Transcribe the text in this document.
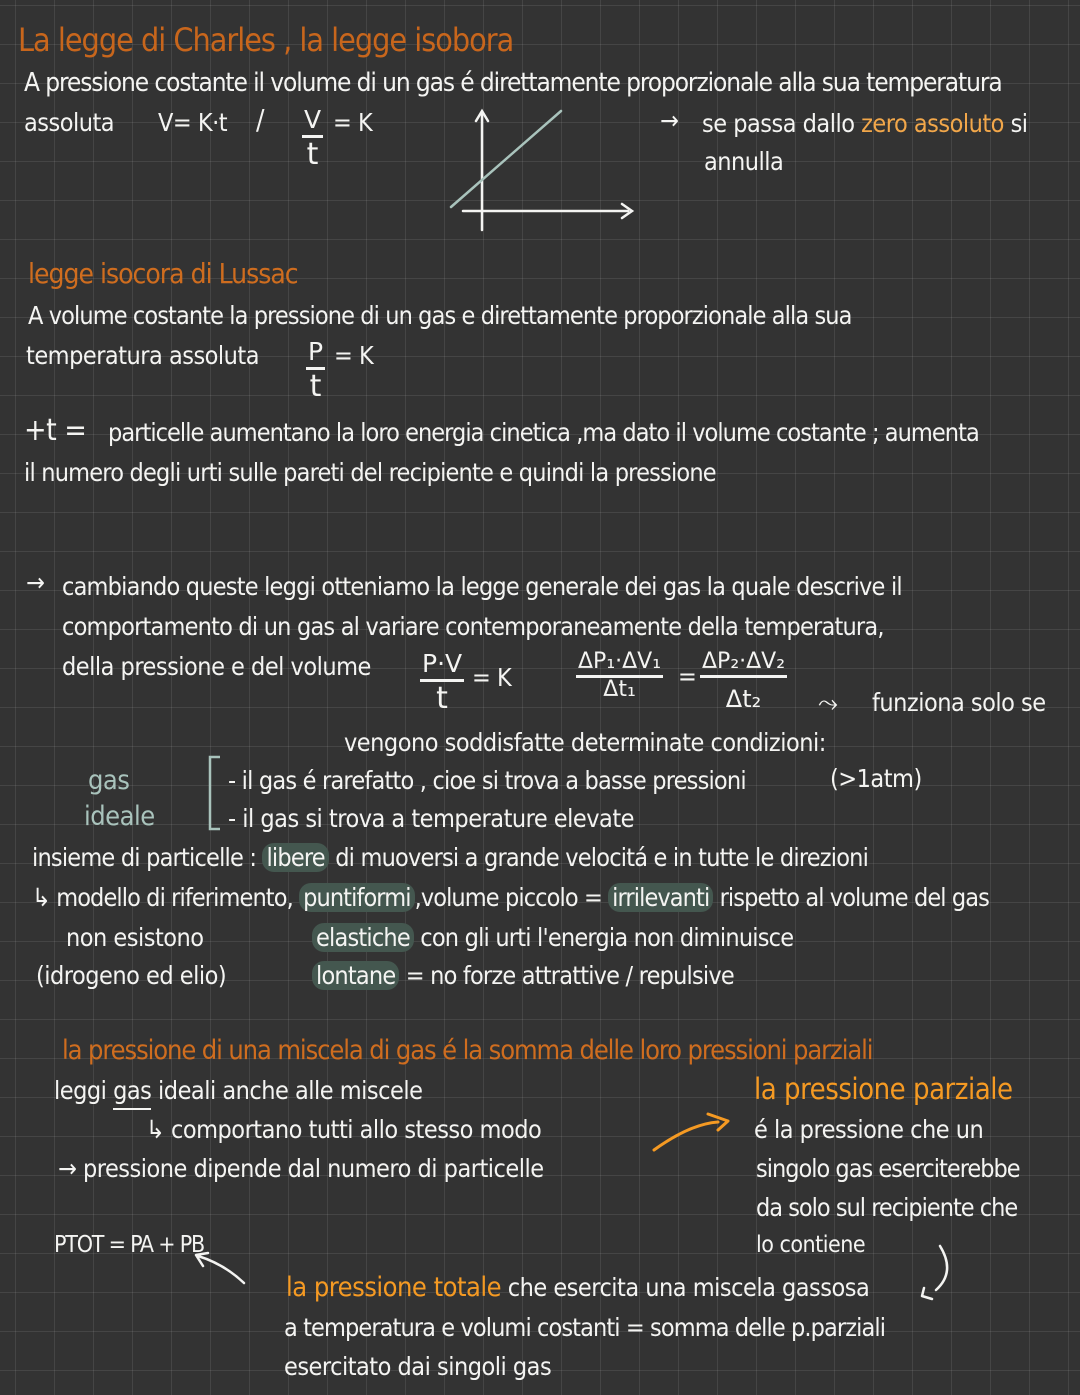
La legge di Charles , la legge isobora
A pressione costante il volume di un gas é direttamente proporzionale alla sua temperatura
assoluta V= K·t / V
t
= K	→ se passa dallo zero assoluto si
annulla
legge isocora di Lussac
A volume costante la pressione di un gas e direttamente proporzionale alla sua
temperatura assoluta P
t
= K
+t = particelle aumentano la loro energia cinetica ,ma dato il volume costante ; aumenta
il numero degli urti sulle pareti del recipiente e quindi la pressione
→ cambiando queste leggi otteniamo la legge generale dei gas la quale descrive il
comportamento di un gas al variare contemporaneamente della temperatura,
della pressione e del volume P·V
t
= K	$\frac{\text{ΔP₁·ΔV₁}}{\text{Δt₁}} = \frac{\text{ΔP₂·ΔV₂}}{\text{Δt₂}}$ ⤳ funziona solo se
vengono soddisfatte determinate condizioni:
gas
ideale
- il gas é rarefatto , cioe si trova a basse pressioni	(>1atm)
- il gas si trova a temperature elevate
insieme di particelle : libere di muoversi a grande velocitá e in tutte le direzioni
↳ modello di riferimento, puntiformi ,volume piccolo = irrilevanti rispetto al volume del gas
non esistono
(idrogeno ed elio)
elastiche con gli urti l'energia non diminuisce
lontane = no forze attrattive / repulsive
la pressione di una miscela di gas é la somma delle loro pressioni parziali
leggi gas ideali anche alle miscele
↳ comportano tutti allo stesso modo
→ pressione dipende dal numero di particelle
la pressione parziale
é la pressione che un
singolo gas eserciterebbe
da solo sul recipiente che
lo contiene
PTOT = PA + PB
la pressione totale che esercita una miscela gassosa
a temperatura e volumi costanti = somma delle p.parziali
esercitato dai singoli gas
